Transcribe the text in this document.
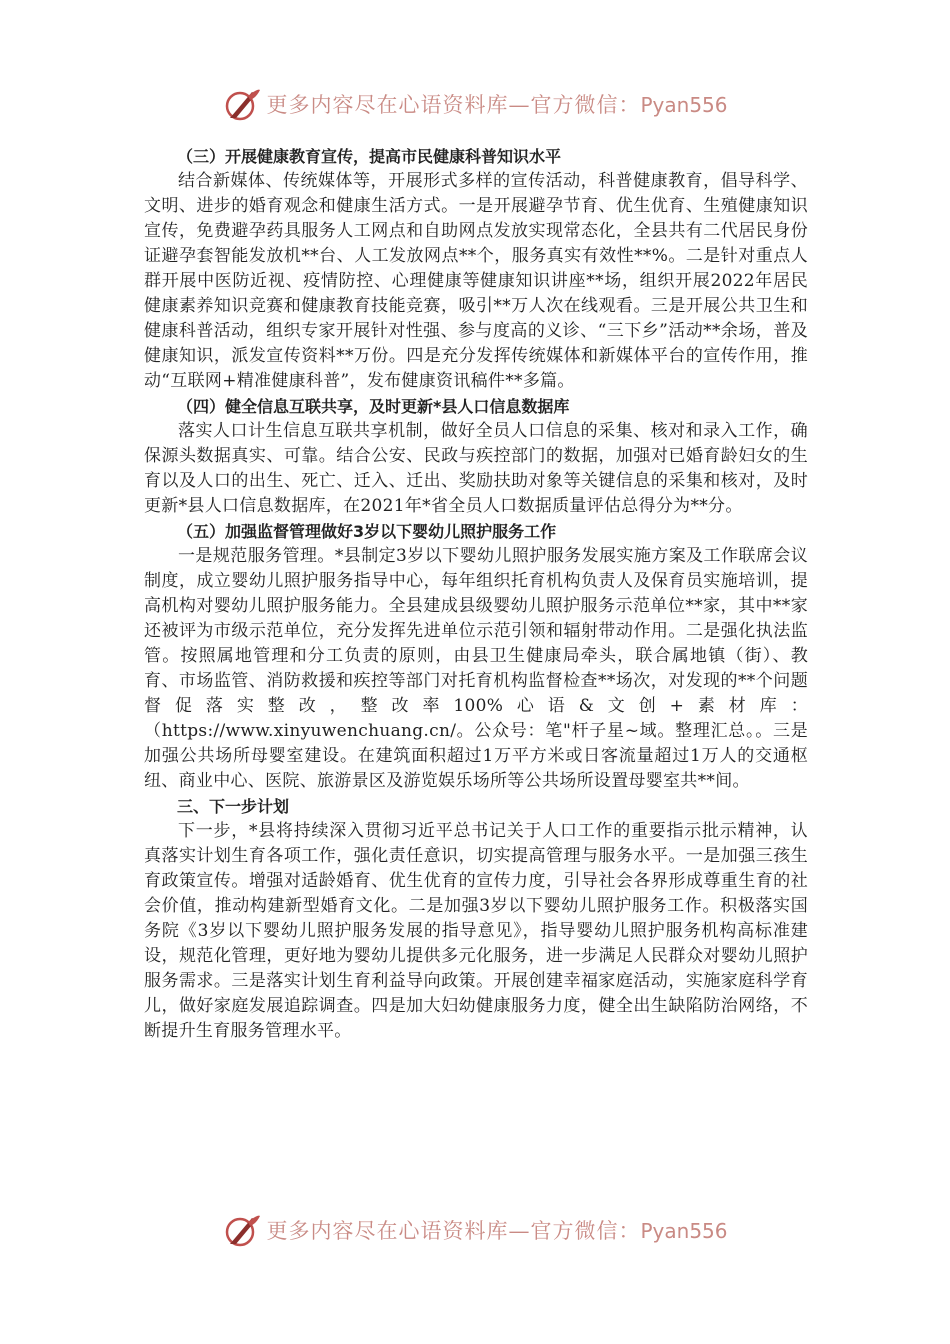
更多内容尽在心语资料库—官方微信：Pyan556

（三）开展健康教育宣传，提高市民健康科普知识水平

结合新媒体、传统媒体等，开展形式多样的宣传活动，科普健康教育，倡导科学、文明、进步的婚育观念和健康生活方式。一是开展避孕节育、优生优育、生殖健康知识宣传，免费避孕药具服务人工网点和自助网点发放实现常态化，全县共有二代居民身份证避孕套智能发放机**台、人工发放网点**个，服务真实有效性**%。二是针对重点人群开展中医防近视、疫情防控、心理健康等健康知识讲座**场，组织开展2022年居民健康素养知识竞赛和健康教育技能竞赛，吸引**万人次在线观看。三是开展公共卫生和健康科普活动，组织专家开展针对性强、参与度高的义诊、“三下乡”活动**余场，普及健康知识，派发宣传资料**万份。四是充分发挥传统媒体和新媒体平台的宣传作用，推动“互联网+精准健康科普”，发布健康资讯稿件**多篇。

（四）健全信息互联共享，及时更新*县人口信息数据库

落实人口计生信息互联共享机制，做好全员人口信息的采集、核对和录入工作，确保源头数据真实、可靠。结合公安、民政与疾控部门的数据，加强对已婚育龄妇女的生育以及人口的出生、死亡、迁入、迁出、奖励扶助对象等关键信息的采集和核对，及时更新*县人口信息数据库，在2021年*省全员人口数据质量评估总得分为**分。

（五）加强监督管理做好3岁以下婴幼儿照护服务工作

一是规范服务管理。*县制定3岁以下婴幼儿照护服务发展实施方案及工作联席会议制度，成立婴幼儿照护服务指导中心，每年组织托育机构负责人及保育员实施培训，提高机构对婴幼儿照护服务能力。全县建成县级婴幼儿照护服务示范单位**家，其中**家还被评为市级示范单位，充分发挥先进单位示范引领和辐射带动作用。二是强化执法监管。按照属地管理和分工负责的原则，由县卫生健康局牵头，联合属地镇（街）、教育、市场监管、消防救援和疾控等部门对托育机构监督检查**场次，对发现的**个问题督促落实整改，整改率100%心语&文创+素材库：（https://www.xinyuwenchuang.cn/。公众号：笔"杆子星~域。整理汇总。。三是加强公共场所母婴室建设。在建筑面积超过1万平方米或日客流量超过1万人的交通枢纽、商业中心、医院、旅游景区及游览娱乐场所等公共场所设置母婴室共**间。

三、下一步计划

下一步，*县将持续深入贯彻习近平总书记关于人口工作的重要指示批示精神，认真落实计划生育各项工作，强化责任意识，切实提高管理与服务水平。一是加强三孩生育政策宣传。增强对适龄婚育、优生优育的宣传力度，引导社会各界形成尊重生育的社会价值，推动构建新型婚育文化。二是加强3岁以下婴幼儿照护服务工作。积极落实国务院《3岁以下婴幼儿照护服务发展的指导意见》，指导婴幼儿照护服务机构高标准建设，规范化管理，更好地为婴幼儿提供多元化服务，进一步满足人民群众对婴幼儿照护服务需求。三是落实计划生育利益导向政策。开展创建幸福家庭活动，实施家庭科学育儿，做好家庭发展追踪调查。四是加大妇幼健康服务力度，健全出生缺陷防治网络，不断提升生育服务管理水平。

更多内容尽在心语资料库—官方微信：Pyan556
